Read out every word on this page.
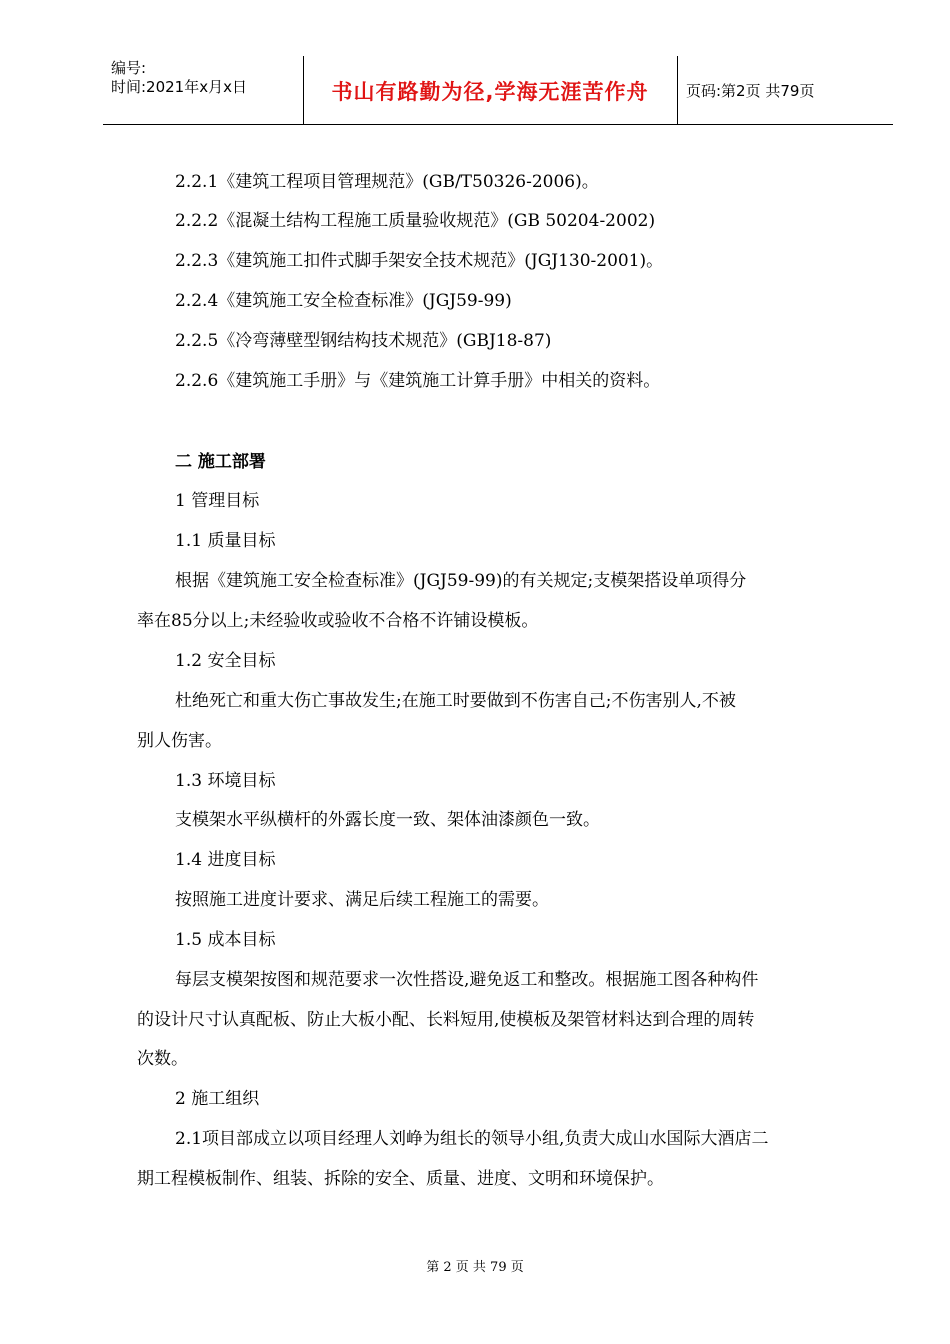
编号:
时间:2021年x月x日	书山有路勤为径,学海无涯苦作舟	页码:第2页 共79页
2.2.1《建筑工程项目管理规范》(GB/T50326-2006)。
2.2.2《混凝土结构工程施工质量验收规范》(GB 50204-2002)
2.2.3《建筑施工扣件式脚手架安全技术规范》(JGJ130-2001)。
2.2.4《建筑施工安全检查标准》(JGJ59-99)
2.2.5《冷弯薄壁型钢结构技术规范》(GBJ18-87)
2.2.6《建筑施工手册》与《建筑施工计算手册》中相关的资料。
二 施工部署
1 管理目标
1.1 质量目标
根据《建筑施工安全检查标准》(JGJ59-99)的有关规定;支模架搭设单项得分
率在85分以上;未经验收或验收不合格不许铺设模板。
1.2 安全目标
杜绝死亡和重大伤亡事故发生;在施工时要做到不伤害自己;不伤害别人,不被
别人伤害。
1.3 环境目标
支模架水平纵横杆的外露长度一致、架体油漆颜色一致。
1.4 进度目标
按照施工进度计要求、满足后续工程施工的需要。
1.5 成本目标
每层支模架按图和规范要求一次性搭设,避免返工和整改。根据施工图各种构件
的设计尺寸认真配板、防止大板小配、长料短用,使模板及架管材料达到合理的周转
次数。
2 施工组织
2.1项目部成立以项目经理人刘峥为组长的领导小组,负责大成山水国际大酒店二
期工程模板制作、组装、拆除的安全、质量、进度、文明和环境保护。
第 2 页 共 79 页
